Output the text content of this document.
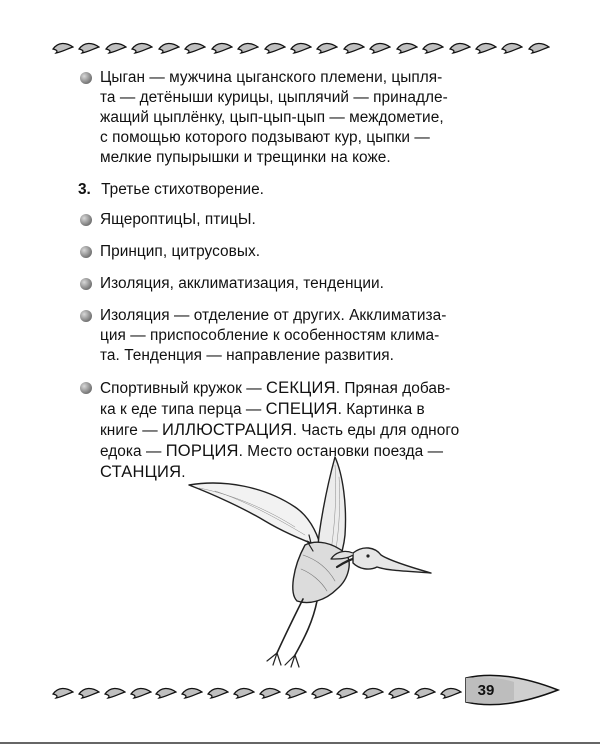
Цыган — мужчина цыганского племени, цыпля-
та — детёныши курицы, цыплячий — принадле-
жащий цыплёнку, цып-цып-цып — междометие,
с помощью которого подзывают кур, цыпки —
мелкие пупырышки и трещинки на коже.
3. Третье стихотворение.
ЯщероптицЫ, птицЫ.
Принцип, цитрусовых.
Изоляция, акклиматизация, тенденции.
Изоляция — отделение от других. Акклиматиза-
ция — приспособление к особенностям клима-
та. Тенденция — направление развития.
Спортивный кружок — СЕКЦИЯ. Пряная добав-
ка к еде типа перца — СПЕЦИЯ. Картинка в
книге — ИЛЛЮСТРАЦИЯ. Часть еды для одного
едока — ПОРЦИЯ. Место остановки поезда —
СТАНЦИЯ.
39
